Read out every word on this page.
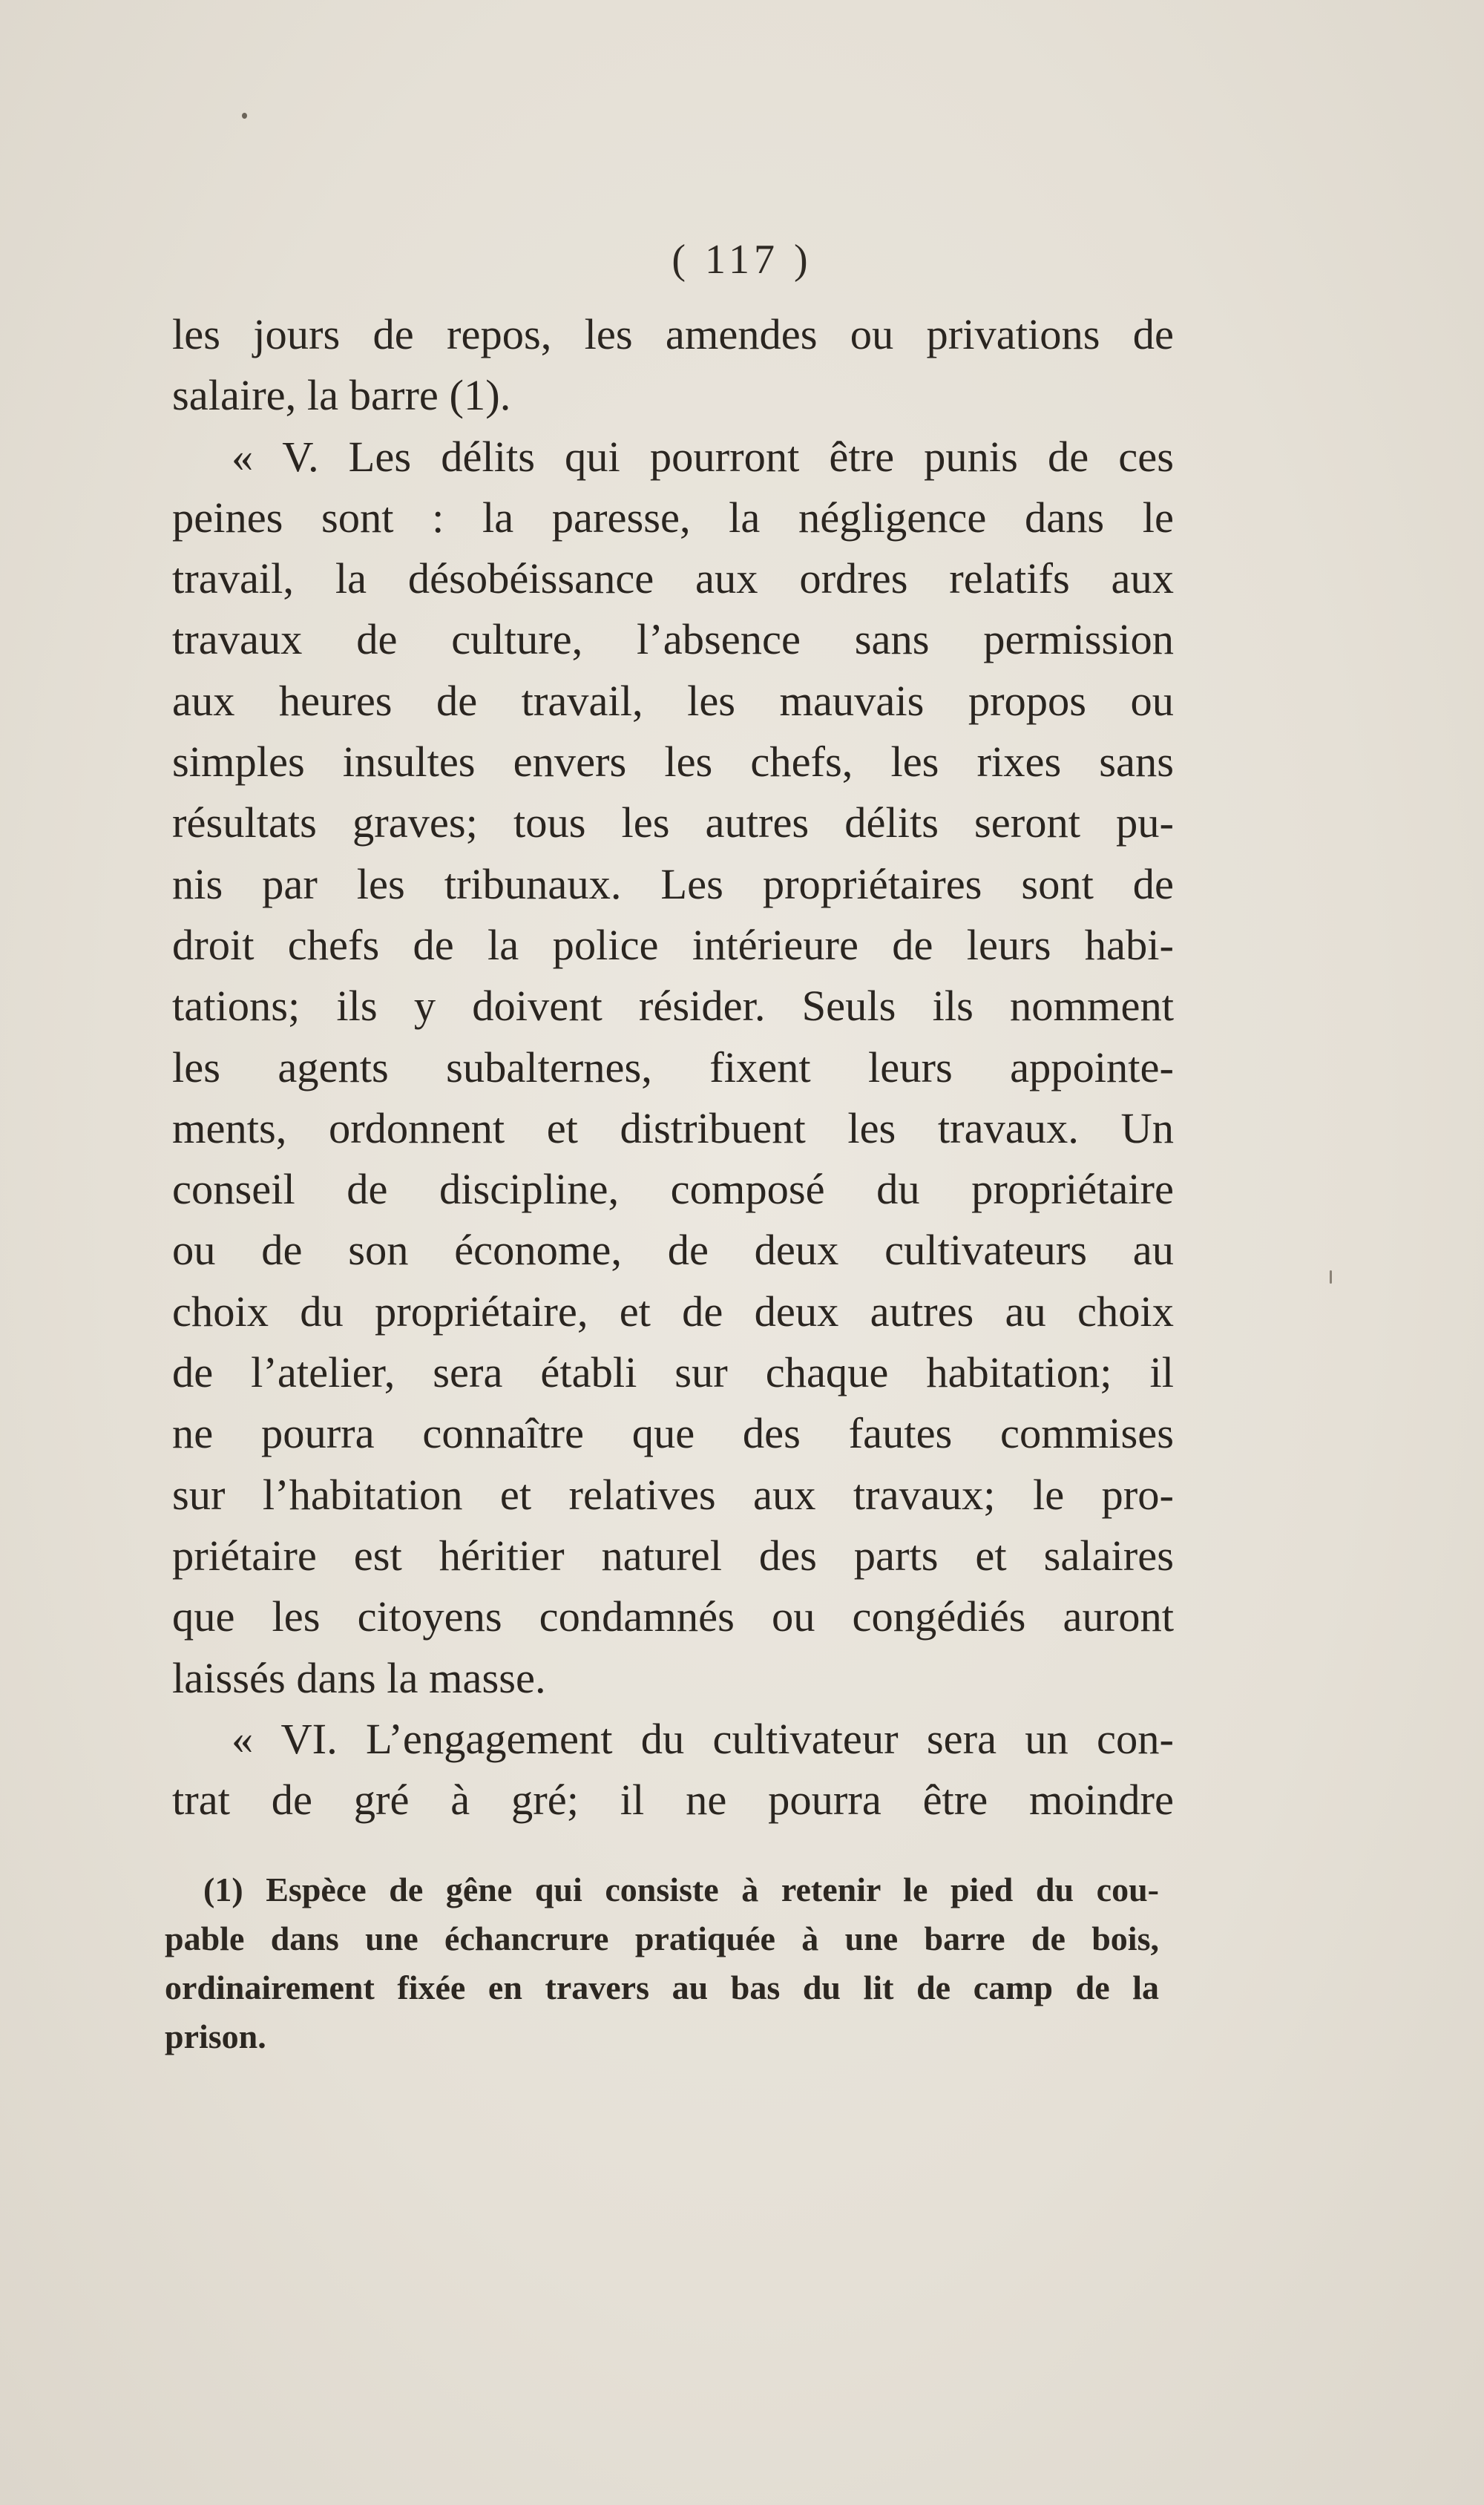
( 117 )
les jours de repos, les amendes ou privations de
salaire, la barre (1).
« V. Les délits qui pourront être punis de ces
peines sont : la paresse, la négligence dans le
travail, la désobéissance aux ordres relatifs aux
travaux de culture, l’absence sans permission
aux heures de travail, les mauvais propos ou
simples insultes envers les chefs, les rixes sans
résultats graves; tous les autres délits seront pu-
nis par les tribunaux. Les propriétaires sont de
droit chefs de la police intérieure de leurs habi-
tations; ils y doivent résider. Seuls ils nomment
les agents subalternes, fixent leurs appointe-
ments, ordonnent et distribuent les travaux. Un
conseil de discipline, composé du propriétaire
ou de son économe, de deux cultivateurs au
choix du propriétaire, et de deux autres au choix
de l’atelier, sera établi sur chaque habitation; il
ne pourra connaître que des fautes commises
sur l’habitation et relatives aux travaux; le pro-
priétaire est héritier naturel des parts et salaires
que les citoyens condamnés ou congédiés auront
laissés dans la masse.
« VI. L’engagement du cultivateur sera un con-
trat de gré à gré; il ne pourra être moindre
(1) Espèce de gêne qui consiste à retenir le pied du cou-
pable dans une échancrure pratiquée à une barre de bois,
ordinairement fixée en travers au bas du lit de camp de la
prison.
